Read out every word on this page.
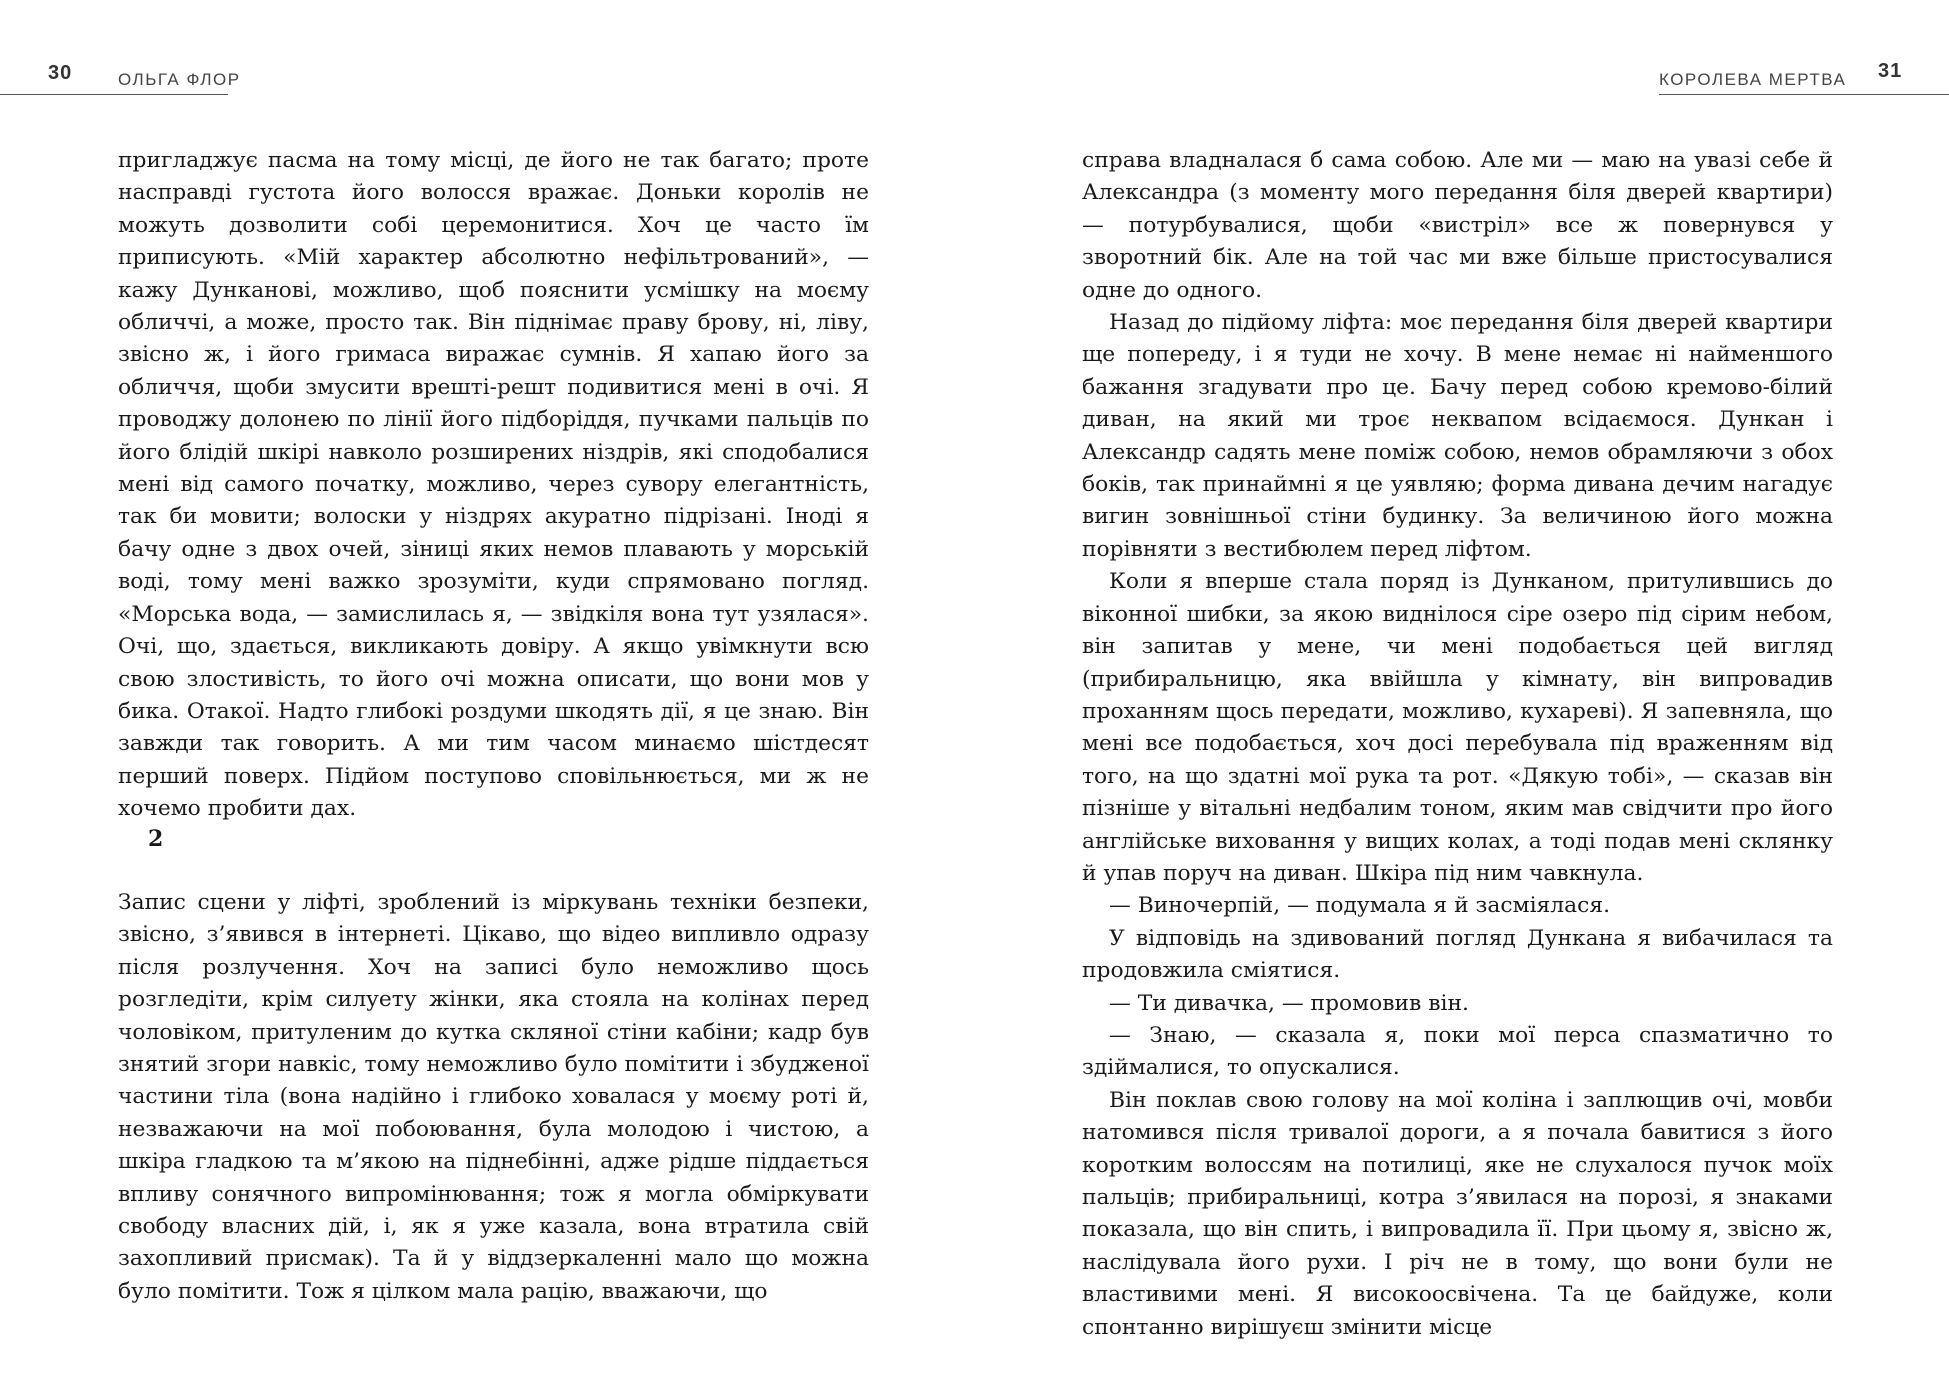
30	ОЛЬГА ФЛОР

пригладжує пасма на тому місці, де його не так багато; проте насправді густота його волосся вражає. Доньки королів не можуть дозволити собі церемонитися. Хоч це часто їм приписують. «Мій характер абсолютно нефільтрований», — кажу Дунканові, можливо, щоб пояснити усмішку на моєму обличчі, а може, просто так. Він піднімає праву брову, ні, ліву, звісно ж, і його гримаса виражає сумнів. Я хапаю його за обличчя, щоби змусити врешті-решт подивитися мені в очі. Я проводжу долонею по лінії його підборіддя, пучками пальців по його блідій шкірі навколо розширених ніздрів, які сподобалися мені від самого початку, можливо, через сувору елегантність, так би мовити; волоски у ніздрях акуратно підрізані. Іноді я бачу одне з двох очей, зіниці яких немов плавають у морській воді, тому мені важко зрозуміти, куди спрямовано погляд. «Морська вода, — замислилась я, — звідкіля вона тут узялася». Очі, що, здається, викликають довіру. А якщо увімкнути всю свою злостивість, то його очі можна описати, що вони мов у бика. Отакої. Надто глибокі роздуми шкодять дії, я це знаю. Він завжди так говорить. А ми тим часом минаємо шістдесят перший поверх. Підйом поступово сповільнюється, ми ж не хочемо пробити дах.

2

Запис сцени у ліфті, зроблений із міркувань техніки безпеки, звісно, з’явився в інтернеті. Цікаво, що відео випливло одразу після розлучення. Хоч на записі було неможливо щось розгледіти, крім силуету жінки, яка стояла на колінах перед чоловіком, притуленим до кутка скляної стіни кабіни; кадр був знятий згори навкіс, тому неможливо було помітити і збудженої частини тіла (вона надійно і глибоко ховалася у моєму роті й, незважаючи на мої побоювання, була молодою і чистою, а шкіра гладкою та м’якою на піднебінні, адже рідше піддається впливу сонячного випромінювання; тож я могла обміркувати свободу власних дій, і, як я уже казала, вона втратила свій захопливий присмак). Та й у віддзеркаленні мало що можна було помітити. Тож я цілком мала рацію, вважаючи, що

КОРОЛЕВА МЕРТВА 31

справа владналася б сама собою. Але ми — маю на увазі себе й Александра (з моменту мого передання біля дверей квартири) — потурбувалися, щоби «вистріл» все ж повернувся у зворотний бік. Але на той час ми вже більше пристосувалися одне до одного.

Назад до підйому ліфта: моє передання біля дверей квартири ще попереду, і я туди не хочу. В мене немає ні найменшого бажання згадувати про це. Бачу перед собою кремово-білий диван, на який ми троє неквапом всідаємося. Дункан і Александр садять мене поміж собою, немов обрамляючи з обох боків, так принаймні я це уявляю; форма дивана дечим нагадує вигин зовнішньої стіни будинку. За величиною його можна порівняти з вестибюлем перед ліфтом.

Коли я вперше стала поряд із Дунканом, притулившись до віконної шибки, за якою виднілося сіре озеро під сірим небом, він запитав у мене, чи мені подобається цей вигляд (прибиральницю, яка ввійшла у кімнату, він випровадив проханням щось передати, можливо, кухареві). Я запевняла, що мені все подобається, хоч досі перебувала під враженням від того, на що здатні мої рука та рот. «Дякую тобі», — сказав він пізніше у вітальні недбалим тоном, яким мав свідчити про його англійське виховання у вищих колах, а тоді подав мені склянку й упав поруч на диван. Шкіра під ним чавкнула.

— Виночерпій, — подумала я й засміялася.

У відповідь на здивований погляд Дункана я вибачилася та продовжила сміятися.

— Ти дивачка, — промовив він.

— Знаю, — сказала я, поки мої перса спазматично то здіймалися, то опускалися.

Він поклав свою голову на мої коліна і заплющив очі, мовби натомився після тривалої дороги, а я почала бавитися з його коротким волоссям на потилиці, яке не слухалося пучок моїх пальців; прибиральниці, котра з’явилася на порозі, я знаками показала, що він спить, і випровадила її. При цьому я, звісно ж, наслідувала його рухи. І річ не в тому, що вони були не властивими мені. Я високоосвічена. Та це байдуже, коли спонтанно вирішуєш змінити місце
